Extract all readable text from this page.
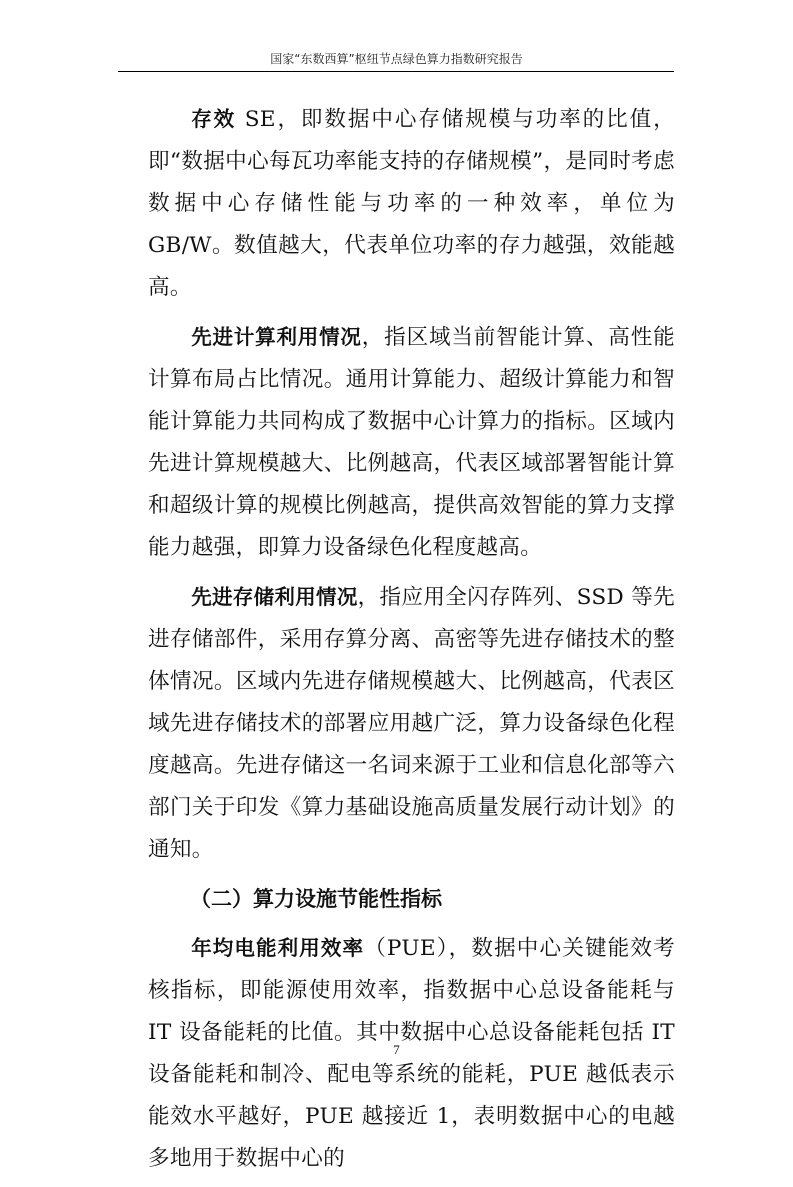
国家“东数西算”枢纽节点绿色算力指数研究报告

存效 SE，即数据中心存储规模与功率的比值，即“数据中心每瓦功率能支持的存储规模”，是同时考虑数据中心存储性能与功率的一种效率，单位为 GB/W。数值越大，代表单位功率的存力越强，效能越高。

先进计算利用情况，指区域当前智能计算、高性能计算布局占比情况。通用计算能力、超级计算能力和智能计算能力共同构成了数据中心计算力的指标。区域内先进计算规模越大、比例越高，代表区域部署智能计算和超级计算的规模比例越高，提供高效智能的算力支撑能力越强，即算力设备绿色化程度越高。

先进存储利用情况，指应用全闪存阵列、SSD 等先进存储部件，采用存算分离、高密等先进存储技术的整体情况。区域内先进存储规模越大、比例越高，代表区域先进存储技术的部署应用越广泛，算力设备绿色化程度越高。先进存储这一名词来源于工业和信息化部等六部门关于印发《算力基础设施高质量发展行动计划》的通知。

（二）算力设施节能性指标

年均电能利用效率（PUE），数据中心关键能效考核指标，即能源使用效率，指数据中心总设备能耗与 IT 设备能耗的比值。其中数据中心总设备能耗包括 IT 设备能耗和制冷、配电等系统的能耗，PUE 越低表示能效水平越好，PUE 越接近 1，表明数据中心的电越多地用于数据中心的

7
